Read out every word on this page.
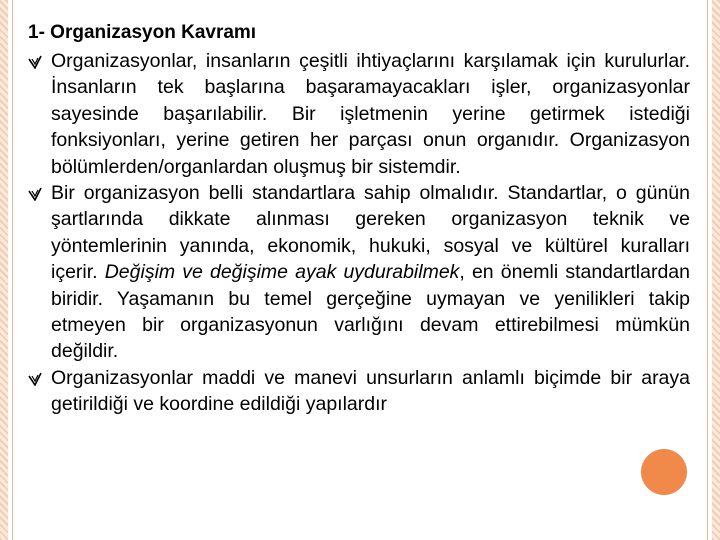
1- Organizasyon Kavramı
Organizasyonlar, insanların çeşitli ihtiyaçlarını karşılamak için kurulurlar. İnsanların tek başlarına başaramayacakları işler, organizasyonlar sayesinde başarılabilir. Bir işletmenin yerine getirmek istediği fonksiyonları, yerine getiren her parçası onun organıdır. Organizasyon bölümlerden/organlardan oluşmuş bir sistemdir.
Bir organizasyon belli standartlara sahip olmalıdır. Standartlar, o günün şartlarında dikkate alınması gereken organizasyon teknik ve yöntemlerinin yanında, ekonomik, hukuki, sosyal ve kültürel kuralları içerir. Değişim ve değişime ayak uydurabilmek, en önemli standartlardan biridir. Yaşamanın bu temel gerçeğine uymayan ve yenilikleri takip etmeyen bir organizasyonun varlığını devam ettirebilmesi mümkün değildir.
Organizasyonlar maddi ve manevi unsurların anlamlı biçimde bir araya getirildiği ve koordine edildiği yapılardır
